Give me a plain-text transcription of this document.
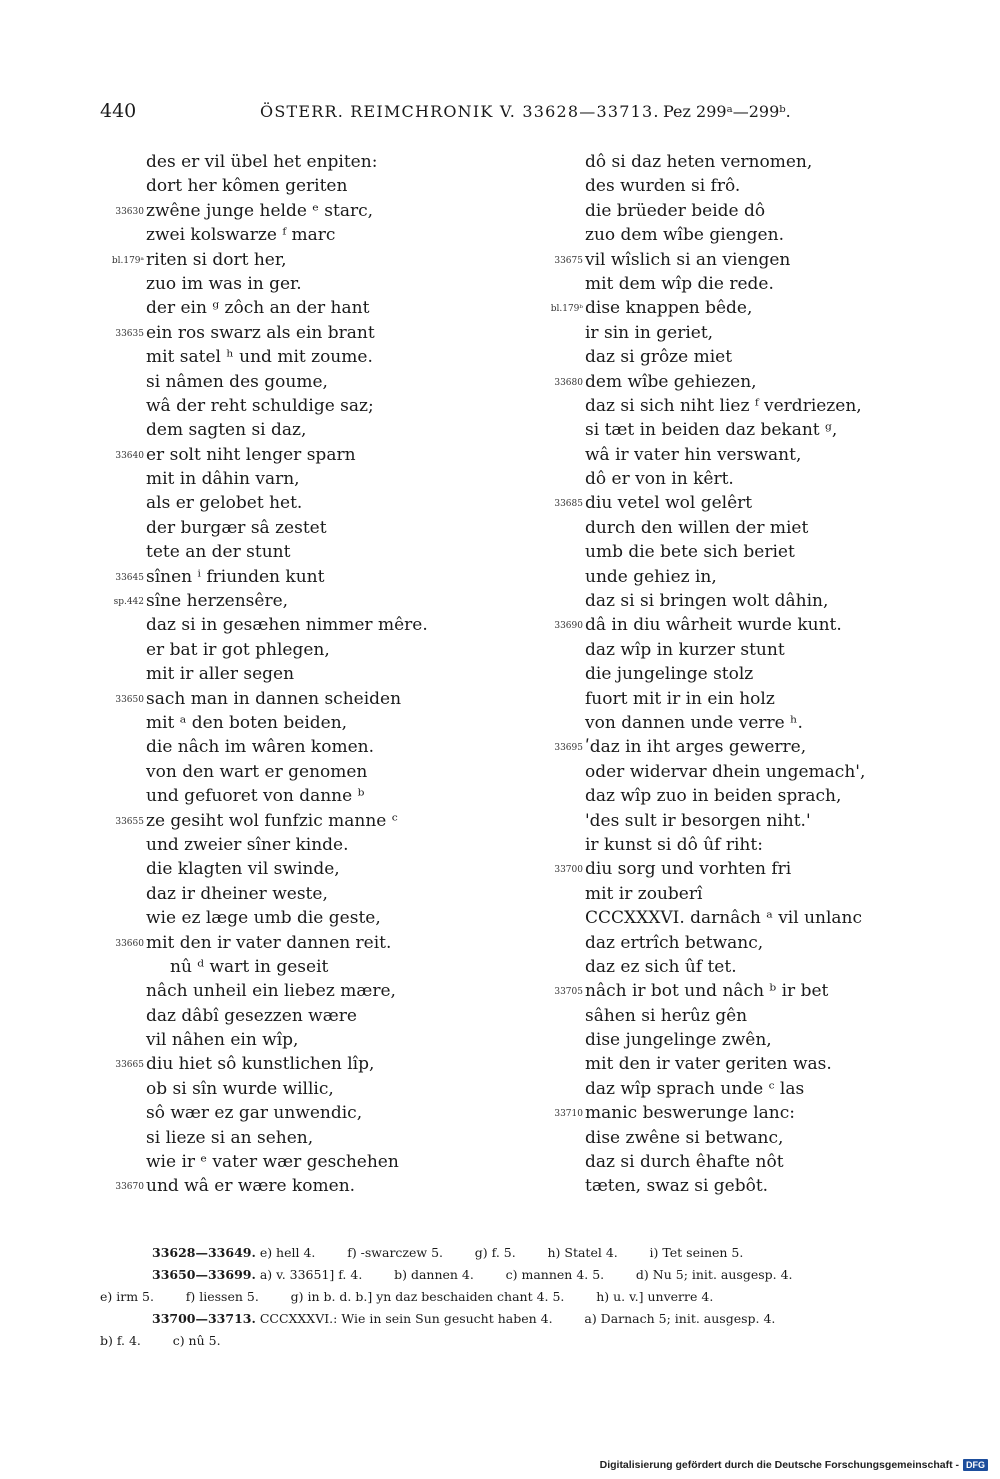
440	ÖSTERR. REIMCHRONIK V. 33628—33713. Pez 299ᵃ—299ᵇ.
des er vil übel het enpiten:
dort her kômen geriten
33630 zwêne junge helde ᵉ starc,
zwei kolswarze ᶠ marc
bl.179ᵃ riten si dort her,
zuo im was in ger.
der ein ᵍ zôch an der hant
33635 ein ros swarz als ein brant
mit satel ʰ und mit zoume.
si nâmen des goume,
wâ der reht schuldige saz;
dem sagten si daz,
33640 er solt niht lenger sparn
mit in dâhin varn,
als er gelobet het.
der burgær sâ zestet
tete an der stunt
33645 sînen ⁱ friunden kunt
sp.442 sîne herzensêre,
daz si in gesæhen nimmer mêre.
er bat ir got phlegen,
mit ir aller segen
33650 sach man in dannen scheiden
mit ᵃ den boten beiden,
die nâch im wâren komen.
von den wart er genomen
und gefuoret von danne ᵇ
33655 ze gesiht wol funfzic manne ᶜ
und zweier sîner kinde.
die klagten vil swinde,
daz ir dheiner weste,
wie ez læge umb die geste,
33660 mit den ir vater dannen reit.
nû ᵈ wart in geseit
nâch unheil ein liebez mære,
daz dâbî gesezzen wære
vil nâhen ein wîp,
33665 diu hiet sô kunstlichen lîp,
ob si sîn wurde willic,
sô wær ez gar unwendic,
si lieze si an sehen,
wie ir ᵉ vater wær geschehen
33670 und wâ er wære komen.
dô si daz heten vernomen,
des wurden si frô.
die brüeder beide dô
zuo dem wîbe giengen.
33675 vil wîslich si an viengen
mit dem wîp die rede.
bl.179ᵇ dise knappen bêde,
ir sin in geriet,
daz si grôze miet
33680 dem wîbe gehiezen,
daz si sich niht liez ᶠ verdriezen,
si tæt in beiden daz bekant ᵍ,
wâ ir vater hin verswant,
dô er von in kêrt.
33685 diu vetel wol gelêrt
durch den willen der miet
umb die bete sich beriet
unde gehiez in,
daz si si bringen wolt dâhin,
33690 dâ in diu wârheit wurde kunt.
daz wîp in kurzer stunt
die jungelinge stolz
fuort mit ir in ein holz
von dannen unde verre ʰ.
33695 ʹdaz in iht arges gewerre,
oder widervar dhein ungemach',
daz wîp zuo in beiden sprach,
'des sult ir besorgen niht.'
ir kunst si dô ûf riht:
33700 diu sorg und vorhten fri
mit ir zouberî
CCCXXXVI. darnâch ᵃ vil unlanc
daz ertrîch betwanc,
daz ez sich ûf tet.
33705 nâch ir bot und nâch ᵇ ir bet
sâhen si herûz gên
dise jungelinge zwên,
mit den ir vater geriten was.
daz wîp sprach unde ᶜ las
33710 manic beswerunge lanc:
dise zwêne si betwanc,
daz si durch êhafte nôt
tæten, swaz si gebôt.
33628—33649. e) hell 4.        f) -swarczew 5.        g) f. 5.        h) Statel 4.        i) Tet seinen 5.
33650—33699. a) v. 33651] f. 4.        b) dannen 4.        c) mannen 4. 5.        d) Nu 5; init. ausgesp. 4.
e) irm 5.        f) liessen 5.        g) in b. d. b.] yn daz beschaiden chant 4. 5.        h) u. v.] unverre 4.
33700—33713. CCCXXXVI.: Wie in sein Sun gesucht haben 4.        a) Darnach 5; init. ausgesp. 4.
b) f. 4.        c) nû 5.
Digitalisierung gefördert durch die Deutsche Forschungsgemeinschaft - DFG
